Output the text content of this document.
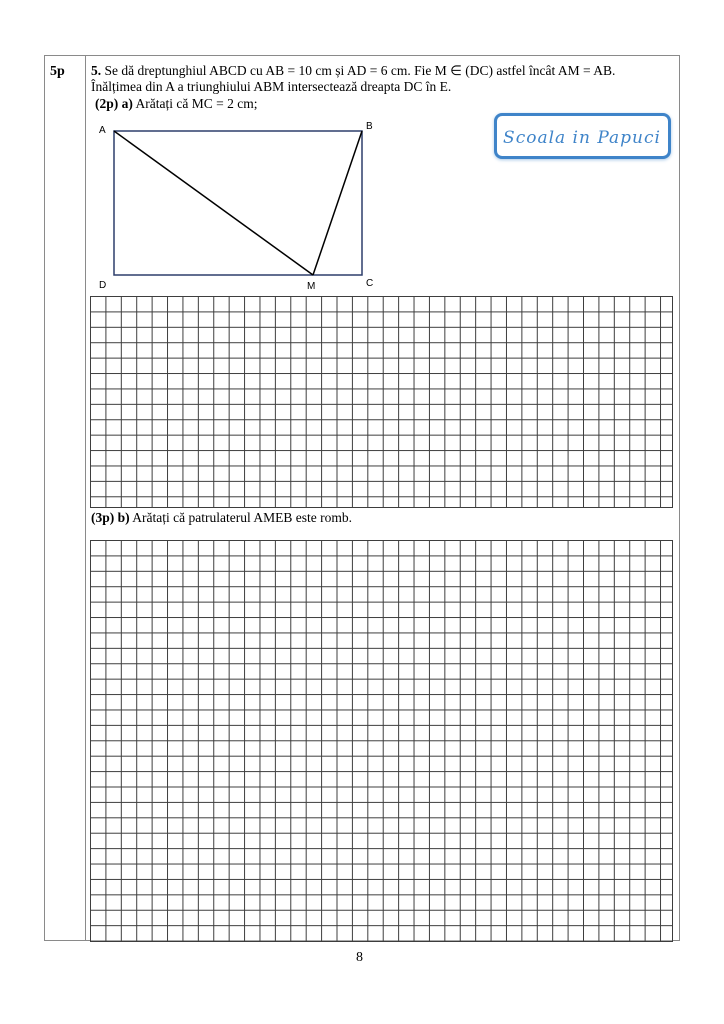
5p 5. Se dă dreptunghiul ABCD cu AB = 10 cm și AD = 6 cm. Fie M ∈ (DC) astfel încât AM = AB.
Înălțimea din A a triunghiului ABM intersectează dreapta DC în E.
(2p) a) Arătați că MC = 2 cm;
A	B
D	M	C
Scoala in Papuci
(3p) b) Arătați că patrulaterul AMEB este romb.
8
